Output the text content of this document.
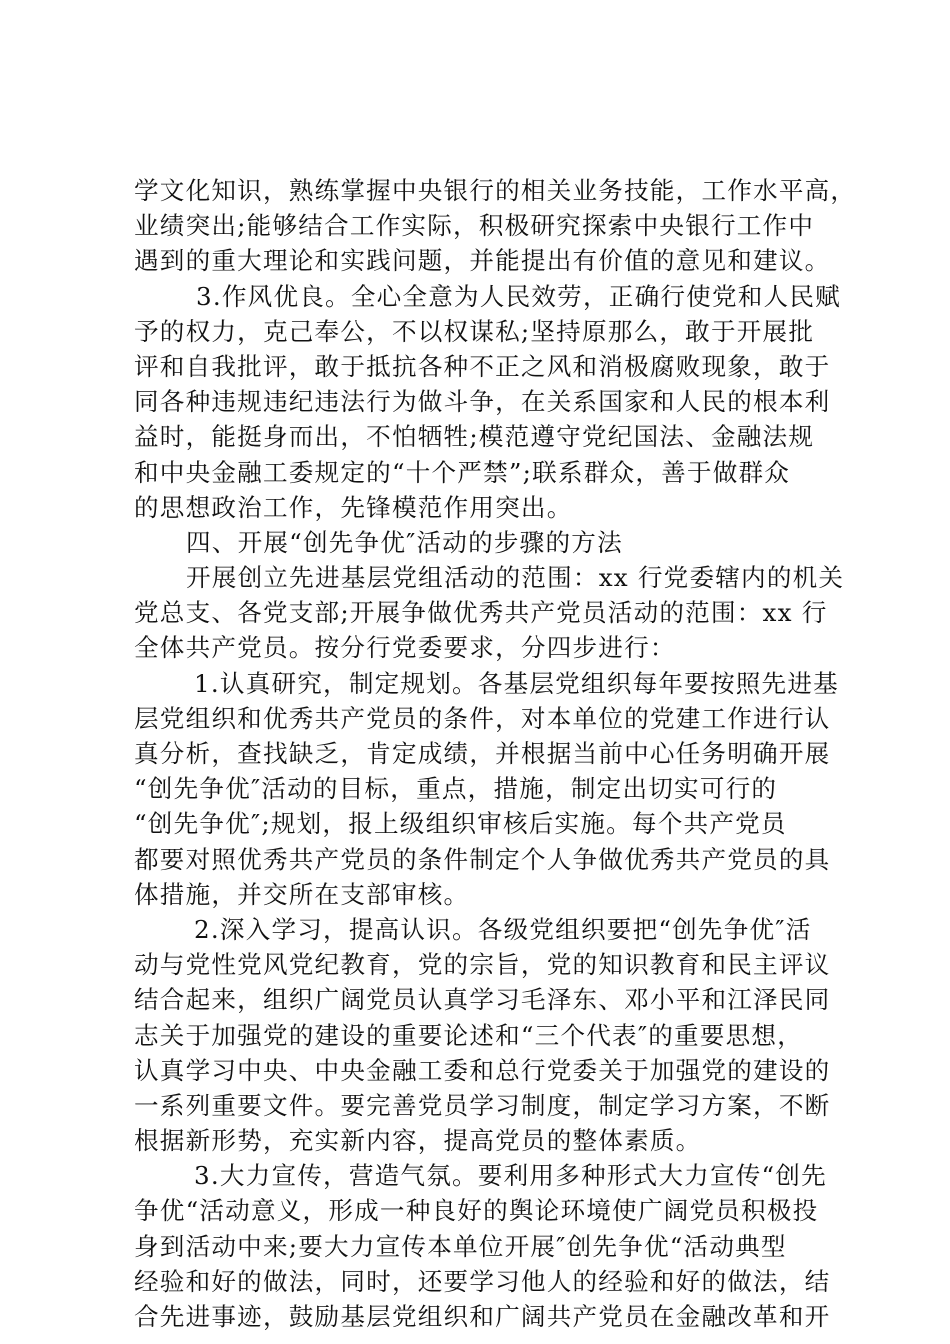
学文化知识，熟练掌握中央银行的相关业务技能，工作水平高，
业绩突出;能够结合工作实际，积极研究探索中央银行工作中
遇到的重大理论和实践问题，并能提出有价值的意见和建议。
3.作风优良。全心全意为人民效劳，正确行使党和人民赋
予的权力，克己奉公，不以权谋私;坚持原那么，敢于开展批
评和自我批评，敢于抵抗各种不正之风和消极腐败现象，敢于
同各种违规违纪违法行为做斗争，在关系国家和人民的根本利
益时，能挺身而出，不怕牺牲;模范遵守党纪国法、金融法规
和中央金融工委规定的“十个严禁”;联系群众，善于做群众
的思想政治工作，先锋模范作用突出。
四、开展“创先争优″活动的步骤的方法
开展创立先进基层党组活动的范围：xx 行党委辖内的机关
党总支、各党支部;开展争做优秀共产党员活动的范围：xx 行
全体共产党员。按分行党委要求，分四步进行：
1.认真研究，制定规划。各基层党组织每年要按照先进基
层党组织和优秀共产党员的条件，对本单位的党建工作进行认
真分析，查找缺乏，肯定成绩，并根据当前中心任务明确开展
“创先争优″活动的目标，重点，措施，制定出切实可行的
“创先争优″;规划，报上级组织审核后实施。每个共产党员
都要对照优秀共产党员的条件制定个人争做优秀共产党员的具
体措施，并交所在支部审核。
2.深入学习，提高认识。各级党组织要把“创先争优″活
动与党性党风党纪教育，党的宗旨，党的知识教育和民主评议
结合起来，组织广阔党员认真学习毛泽东、邓小平和江泽民同
志关于加强党的建设的重要论述和“三个代表″的重要思想，
认真学习中央、中央金融工委和总行党委关于加强党的建设的
一系列重要文件。要完善党员学习制度，制定学习方案，不断
根据新形势，充实新内容，提高党员的整体素质。
3.大力宣传，营造气氛。要利用多种形式大力宣传“创先
争优“活动意义，形成一种良好的舆论环境使广阔党员积极投
身到活动中来;要大力宣传本单位开展″创先争优“活动典型
经验和好的做法，同时，还要学习他人的经验和好的做法，结
合先进事迹，鼓励基层党组织和广阔共产党员在金融改革和开
